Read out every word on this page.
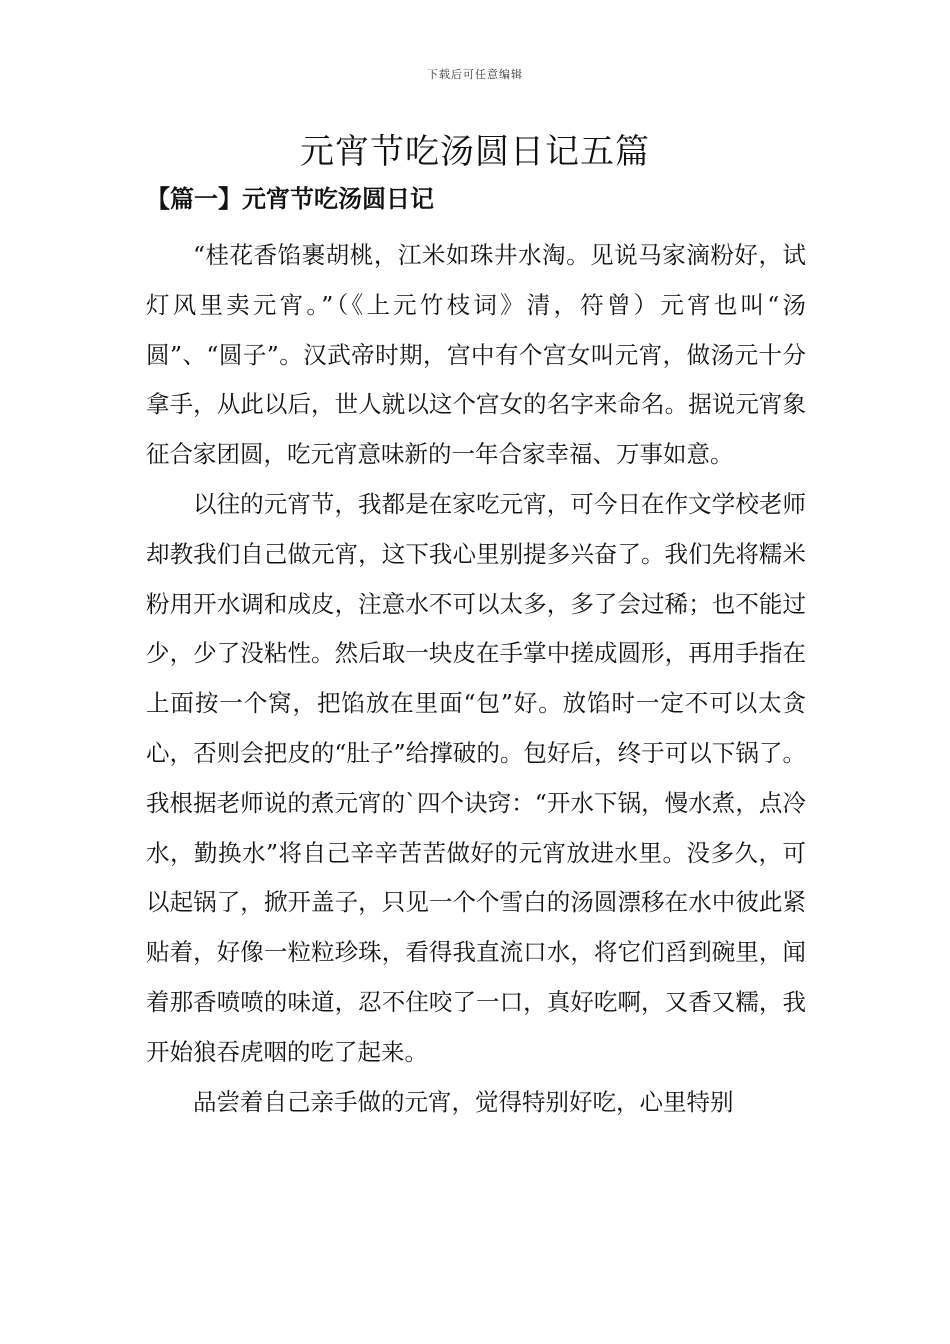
下载后可任意编辑
元宵节吃汤圆日记五篇
【篇一】元宵节吃汤圆日记

“桂花香馅裹胡桃，江米如珠井水淘。见说马家滴粉好，试灯风里卖元宵。”（《上元竹枝词》清，符曾）元宵也叫“汤圆”、“圆子”。汉武帝时期，宫中有个宫女叫元宵，做汤元十分拿手，从此以后，世人就以这个宫女的名字来命名。据说元宵象征合家团圆，吃元宵意味新的一年合家幸福、万事如意。

以往的元宵节，我都是在家吃元宵，可今日在作文学校老师却教我们自己做元宵，这下我心里别提多兴奋了。我们先将糯米粉用开水调和成皮，注意水不可以太多，多了会过稀；也不能过少，少了没粘性。然后取一块皮在手掌中搓成圆形，再用手指在上面按一个窝，把馅放在里面“包”好。放馅时一定不可以太贪心，否则会把皮的“肚子”给撑破的。包好后，终于可以下锅了。我根据老师说的煮元宵的`四个诀窍：“开水下锅，慢水煮，点冷水，勤换水”将自己辛辛苦苦做好的元宵放进水里。没多久，可以起锅了，掀开盖子，只见一个个雪白的汤圆漂移在水中彼此紧贴着，好像一粒粒珍珠，看得我直流口水，将它们舀到碗里，闻着那香喷喷的味道，忍不住咬了一口，真好吃啊，又香又糯，我开始狼吞虎咽的吃了起来。

品尝着自己亲手做的元宵，觉得特别好吃，心里特别
